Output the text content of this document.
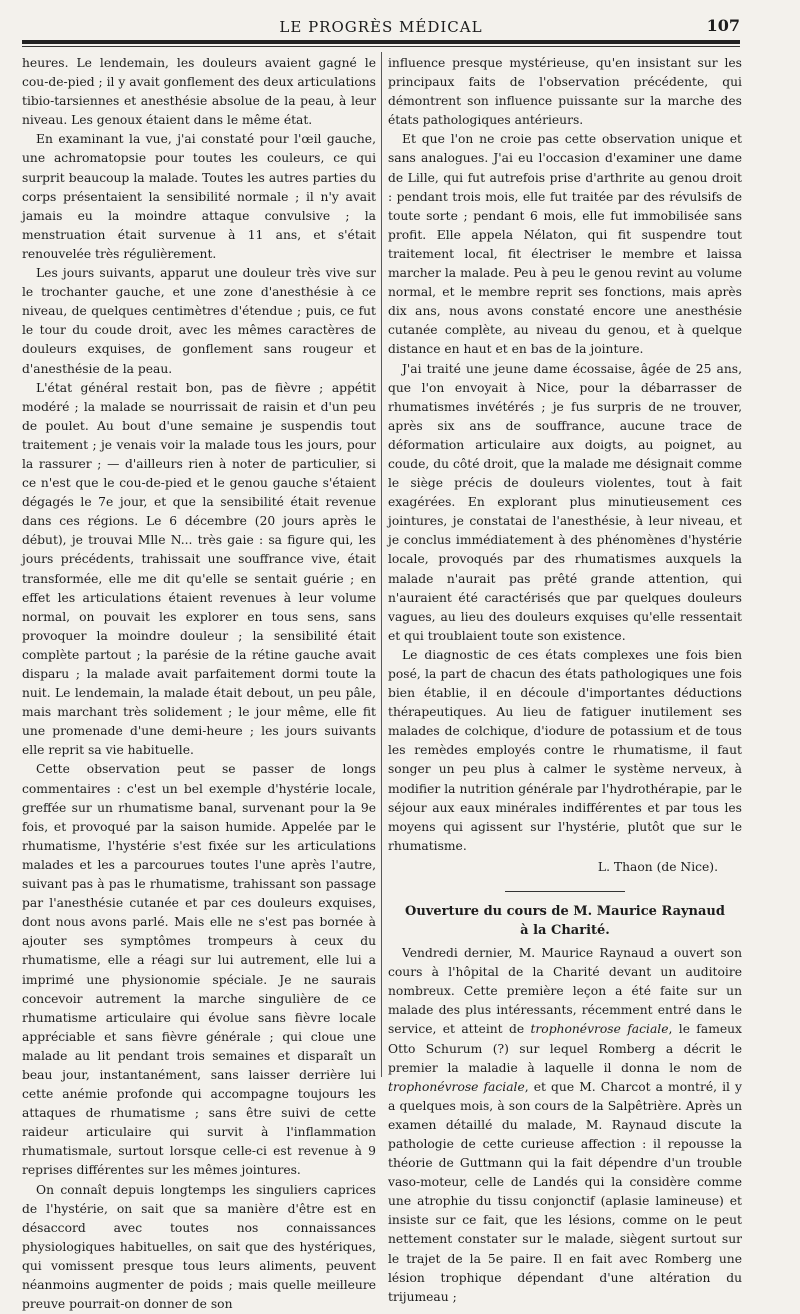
LE PROGRÈS MÉDICAL	107

heures. Le lendemain, les douleurs avaient gagné le cou-de-pied ; il y avait gonflement des deux articulations tibio-tarsiennes et anesthésie absolue de la peau, à leur niveau. Les genoux étaient dans le même état.

En examinant la vue, j'ai constaté pour l'œil gauche, une achromatopsie pour toutes les couleurs, ce qui surprit beaucoup la malade. Toutes les autres parties du corps présentaient la sensibilité normale ; il n'y avait jamais eu la moindre attaque convulsive ; la menstruation était survenue à 11 ans, et s'était renouvelée très régulièrement.

Les jours suivants, apparut une douleur très vive sur le trochanter gauche, et une zone d'anesthésie à ce niveau, de quelques centimètres d'étendue ; puis, ce fut le tour du coude droit, avec les mêmes caractères de douleurs exquises, de gonflement sans rougeur et d'anesthésie de la peau.

L'état général restait bon, pas de fièvre ; appétit modéré ; la malade se nourrissait de raisin et d'un peu de poulet. Au bout d'une semaine je suspendis tout traitement ; je venais voir la malade tous les jours, pour la rassurer ; — d'ailleurs rien à noter de particulier, si ce n'est que le cou-de-pied et le genou gauche s'étaient dégagés le 7e jour, et que la sensibilité était revenue dans ces régions. Le 6 décembre (20 jours après le début), je trouvai Mlle N... très gaie : sa figure qui, les jours précédents, trahissait une souffrance vive, était transformée, elle me dit qu'elle se sentait guérie ; en effet les articulations étaient revenues à leur volume normal, on pouvait les explorer en tous sens, sans provoquer la moindre douleur ; la sensibilité était complète partout ; la parésie de la rétine gauche avait disparu ; la malade avait parfaitement dormi toute la nuit. Le lendemain, la malade était debout, un peu pâle, mais marchant très solidement ; le jour même, elle fit une promenade d'une demi-heure ; les jours suivants elle reprit sa vie habituelle.

Cette observation peut se passer de longs commentaires : c'est un bel exemple d'hystérie locale, greffée sur un rhumatisme banal, survenant pour la 9e fois, et provoqué par la saison humide. Appelée par le rhumatisme, l'hystérie s'est fixée sur les articulations malades et les a parcourues toutes l'une après l'autre, suivant pas à pas le rhumatisme, trahissant son passage par l'anesthésie cutanée et par ces douleurs exquises, dont nous avons parlé. Mais elle ne s'est pas bornée à ajouter ses symptômes trompeurs à ceux du rhumatisme, elle a réagi sur lui autrement, elle lui a imprimé une physionomie spéciale. Je ne saurais concevoir autrement la marche singulière de ce rhumatisme articulaire qui évolue sans fièvre locale appréciable et sans fièvre générale ; qui cloue une malade au lit pendant trois semaines et disparaît un beau jour, instantanément, sans laisser derrière lui cette anémie profonde qui accompagne toujours les attaques de rhumatisme ; sans être suivi de cette raideur articulaire qui survit à l'inflammation rhumatismale, surtout lorsque celle-ci est revenue à 9 reprises différentes sur les mêmes jointures.

On connaît depuis longtemps les singuliers caprices de l'hystérie, on sait que sa manière d'être est en désaccord avec toutes nos connaissances physiologiques habituelles, on sait que des hystériques, qui vomissent presque tous leurs aliments, peuvent néanmoins augmenter de poids ; mais quelle meilleure preuve pourrait-on donner de son

influence presque mystérieuse, qu'en insistant sur les principaux faits de l'observation précédente, qui démontrent son influence puissante sur la marche des états pathologiques antérieurs.

Et que l'on ne croie pas cette observation unique et sans analogues. J'ai eu l'occasion d'examiner une dame de Lille, qui fut autrefois prise d'arthrite au genou droit : pendant trois mois, elle fut traitée par des révulsifs de toute sorte ; pendant 6 mois, elle fut immobilisée sans profit. Elle appela Nélaton, qui fit suspendre tout traitement local, fit électriser le membre et laissa marcher la malade. Peu à peu le genou revint au volume normal, et le membre reprit ses fonctions, mais après dix ans, nous avons constaté encore une anesthésie cutanée complète, au niveau du genou, et à quelque distance en haut et en bas de la jointure.

J'ai traité une jeune dame écossaise, âgée de 25 ans, que l'on envoyait à Nice, pour la débarrasser de rhumatismes invétérés ; je fus surpris de ne trouver, après six ans de souffrance, aucune trace de déformation articulaire aux doigts, au poignet, au coude, du côté droit, que la malade me désignait comme le siège précis de douleurs violentes, tout à fait exagérées. En explorant plus minutieusement ces jointures, je constatai de l'anesthésie, à leur niveau, et je conclus immédiatement à des phénomènes d'hystérie locale, provoqués par des rhumatismes auxquels la malade n'aurait pas prêté grande attention, qui n'auraient été caractérisés que par quelques douleurs vagues, au lieu des douleurs exquises qu'elle ressentait et qui troublaient toute son existence.

Le diagnostic de ces états complexes une fois bien posé, la part de chacun des états pathologiques une fois bien établie, il en découle d'importantes déductions thérapeutiques. Au lieu de fatiguer inutilement ses malades de colchique, d'iodure de potassium et de tous les remèdes employés contre le rhumatisme, il faut songer un peu plus à calmer le système nerveux, à modifier la nutrition générale par l'hydrothérapie, par le séjour aux eaux minérales indifférentes et par tous les moyens qui agissent sur l'hystérie, plutôt que sur le rhumatisme.

L. Thaon (de Nice).
Ouverture du cours de M. Maurice Raynaud
à la Charité.

Vendredi dernier, M. Maurice Raynaud a ouvert son cours à l'hôpital de la Charité devant un auditoire nombreux. Cette première leçon a été faite sur un malade des plus intéressants, récemment entré dans le service, et atteint de trophonévrose faciale, le fameux Otto Schurum (?) sur lequel Romberg a décrit le premier la maladie à laquelle il donna le nom de trophonévrose faciale, et que M. Charcot a montré, il y a quelques mois, à son cours de la Salpêtrière. Après un examen détaillé du malade, M. Raynaud discute la pathologie de cette curieuse affection : il repousse la théorie de Guttmann qui la fait dépendre d'un trouble vaso-moteur, celle de Landés qui la considère comme une atrophie du tissu conjonctif (aplasie lamineuse) et insiste sur ce fait, que les lésions, comme on le peut nettement constater sur le malade, siègent surtout sur le trajet de la 5e paire. Il en fait avec Romberg une lésion trophique dépendant d'une altération du trijumeau ;
